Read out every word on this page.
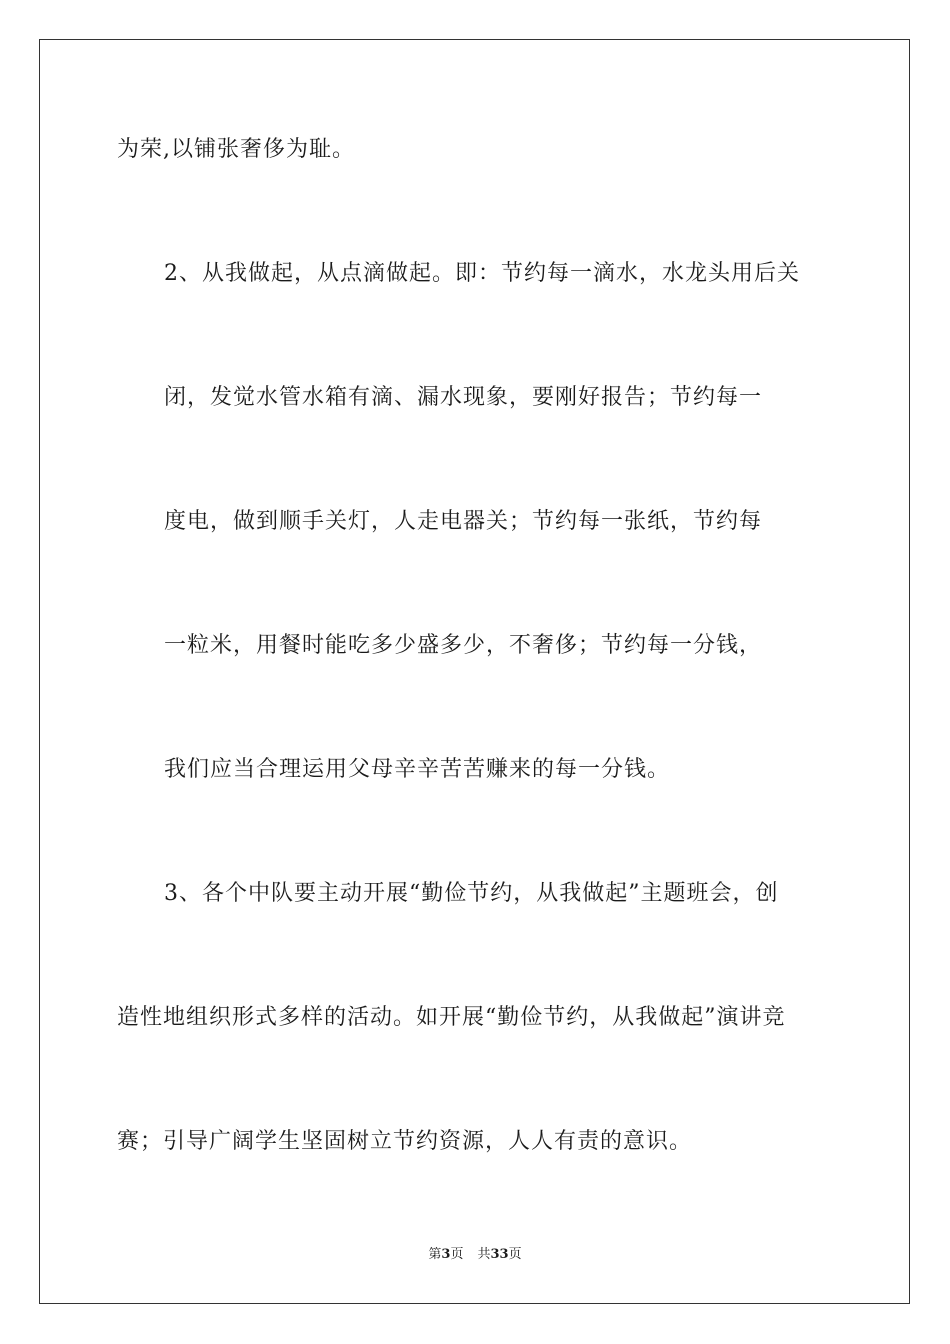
为荣,以铺张奢侈为耻。
2、从我做起，从点滴做起。即：节约每一滴水，水龙头用后关
闭，发觉水管水箱有滴、漏水现象，要刚好报告；节约每一
度电，做到顺手关灯，人走电器关；节约每一张纸，节约每
一粒米，用餐时能吃多少盛多少，不奢侈；节约每一分钱，
我们应当合理运用父母辛辛苦苦赚来的每一分钱。
3、各个中队要主动开展“勤俭节约，从我做起”主题班会，创
造性地组织形式多样的活动。如开展“勤俭节约，从我做起”演讲竞
赛；引导广阔学生坚固树立节约资源，人人有责的意识。
第3页 共33页
